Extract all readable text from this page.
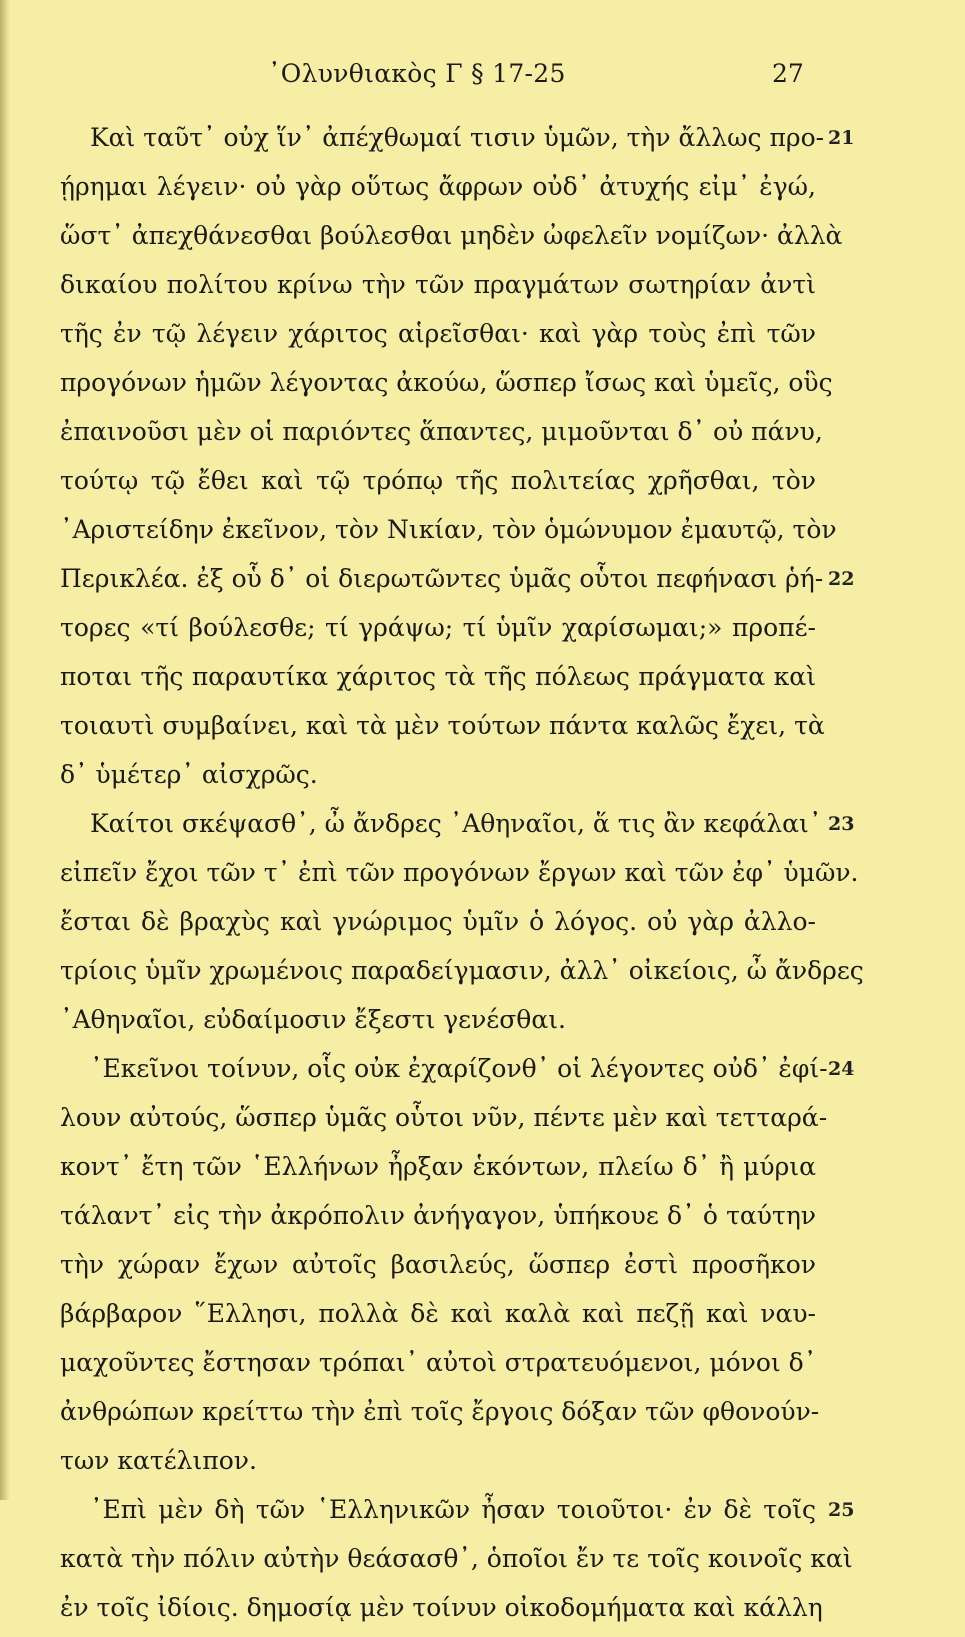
᾽Ολυνθιακὸς Γ § 17-25	27
Καὶ ταῦτ᾽ οὐχ ἵν᾽ ἀπέχθωμαί τισιν ὑμῶν, τὴν ἄλλως προ- 21
ῄρημαι λέγειν· οὐ γὰρ οὕτως ἄφρων οὐδ᾽ ἀτυχής εἰμ᾽ ἐγώ,
ὥστ᾽ ἀπεχθάνεσθαι βούλεσθαι μηδὲν ὠφελεῖν νομίζων· ἀλλὰ
δικαίου πολίτου κρίνω τὴν τῶν πραγμάτων σωτηρίαν ἀντὶ
τῆς ἐν τῷ λέγειν χάριτος αἱρεῖσθαι· καὶ γὰρ τοὺς ἐπὶ τῶν
προγόνων ἡμῶν λέγοντας ἀκούω, ὥσπερ ἴσως καὶ ὑμεῖς, οὓς
ἐπαινοῦσι μὲν οἱ παριόντες ἅπαντες, μιμοῦνται δ᾽ οὐ πάνυ,
τούτῳ τῷ ἔθει καὶ τῷ τρόπῳ τῆς πολιτείας χρῆσθαι, τὸν
᾽Αριστείδην ἐκεῖνον, τὸν Νικίαν, τὸν ὁμώνυμον ἐμαυτῷ, τὸν
Περικλέα. ἐξ οὗ δ᾽ οἱ διερωτῶντες ὑμᾶς οὗτοι πεφήνασι ῥή- 22
τορες «τί βούλεσθε; τί γράψω; τί ὑμῖν χαρίσωμαι;» προπέ-
ποται τῆς παραυτίκα χάριτος τὰ τῆς πόλεως πράγματα καὶ
τοιαυτὶ συμβαίνει, καὶ τὰ μὲν τούτων πάντα καλῶς ἔχει, τὰ
δ᾽ ὑμέτερ᾽ αἰσχρῶς.
Καίτοι σκέψασθ᾽, ὦ ἄνδρες ᾽Αθηναῖοι, ἅ τις ἂν κεφάλαι᾽ 23
εἰπεῖν ἔχοι τῶν τ᾽ ἐπὶ τῶν προγόνων ἔργων καὶ τῶν ἐφ᾽ ὑμῶν.
ἔσται δὲ βραχὺς καὶ γνώριμος ὑμῖν ὁ λόγος. οὐ γὰρ ἀλλο-
τρίοις ὑμῖν χρωμένοις παραδείγμασιν, ἀλλ᾽ οἰκείοις, ὦ ἄνδρες
᾽Αθηναῖοι, εὐδαίμοσιν ἔξεστι γενέσθαι.
᾽Εκεῖνοι τοίνυν, οἷς οὐκ ἐχαρίζονθ᾽ οἱ λέγοντες οὐδ᾽ ἐφί- 24
λουν αὐτούς, ὥσπερ ὑμᾶς οὗτοι νῦν, πέντε μὲν καὶ τετταρά-
κοντ᾽ ἔτη τῶν ῾Ελλήνων ἦρξαν ἑκόντων, πλείω δ᾽ ἢ μύρια
τάλαντ᾽ εἰς τὴν ἀκρόπολιν ἀνήγαγον, ὑπήκουε δ᾽ ὁ ταύτην
τὴν χώραν ἔχων αὐτοῖς βασιλεύς, ὥσπερ ἐστὶ προσῆκον
βάρβαρον ῞Ελλησι, πολλὰ δὲ καὶ καλὰ καὶ πεζῇ καὶ ναυ-
μαχοῦντες ἔστησαν τρόπαι᾽ αὐτοὶ στρατευόμενοι, μόνοι δ᾽
ἀνθρώπων κρείττω τὴν ἐπὶ τοῖς ἔργοις δόξαν τῶν φθονούν-
των κατέλιπον.
᾽Επὶ μὲν δὴ τῶν ῾Ελληνικῶν ἦσαν τοιοῦτοι· ἐν δὲ τοῖς 25
κατὰ τὴν πόλιν αὐτὴν θεάσασθ᾽, ὁποῖοι ἔν τε τοῖς κοινοῖς καὶ
ἐν τοῖς ἰδίοις. δημοσίᾳ μὲν τοίνυν οἰκοδομήματα καὶ κάλλη
